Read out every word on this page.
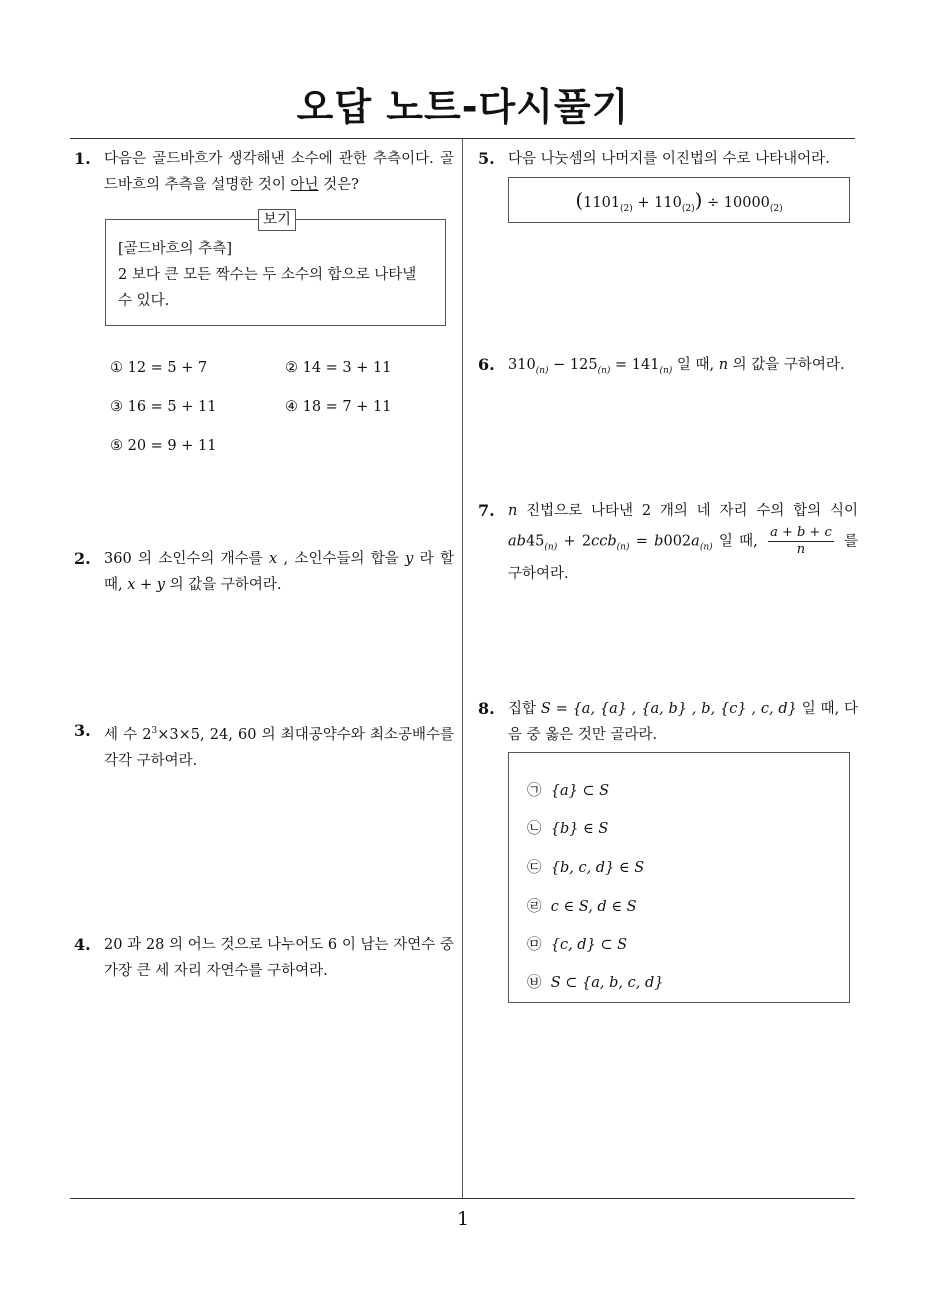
오답 노트-다시풀기
1
1. 다음은 골드바흐가 생각해낸 소수에 관한 추측이다. 골드바흐의 추측을 설명한 것이 아닌 것은?
보기
[골드바흐의 추측]
2 보다 큰 모든 짝수는 두 소수의 합으로 나타낼 수 있다.
① 12 = 5 + 7	② 14 = 3 + 11
③ 16 = 5 + 11	④ 18 = 7 + 11
⑤ 20 = 9 + 11
2. 360 의 소인수의 개수를 x , 소인수들의 합을 y 라 할 때, x + y 의 값을 구하여라.
3. 세 수 $2^3\times 3\times 5$, 24, 60 의 최대공약수와 최소공배수를 각각 구하여라.
4. 20 과 28 의 어느 것으로 나누어도 6 이 남는 자연수 중 가장 큰 세 자리 자연수를 구하여라.
5. 다음 나눗셈의 나머지를 이진법의 수로 나타내어라.
$(1101_{(2)} + 110_{(2)}) \div 10000_{(2)}$
6. $310_{(n)} - 125_{(n)} = 141_{(n)}$ 일 때, n 의 값을 구하여라.
7. n 진법으로 나타낸 2 개의 네 자리 수의 합의 식이 $ab45_{(n)} + 2ccb_{(n)} = b002a_{(n)}$ 일 때, $\frac{a + b + c}{n}$ 를 구하여라.
8. 집합 S = {a, {a} , {a, b} , b, {c} , c, d} 일 때, 다음 중 옳은 것만 골라라.
㉠ {a} ⊂ S
㉡ {b} ∈ S
㉢ {b, c, d} ∈ S
㉣ c ∈ S, d ∈ S
㉤ {c, d} ⊂ S
㉥ S ⊂ {a, b, c, d}
